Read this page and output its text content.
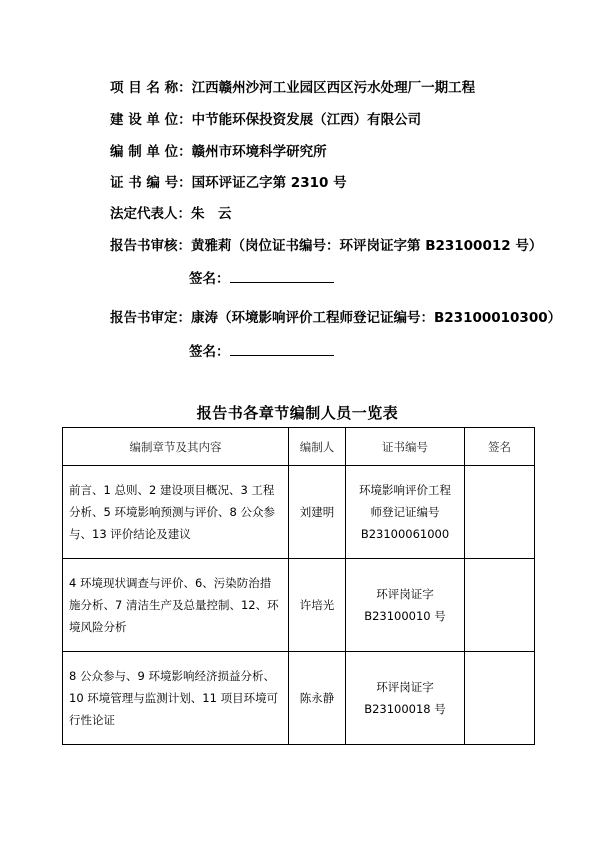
项 目 名 称：江西赣州沙河工业园区西区污水处理厂一期工程
建 设 单 位：中节能环保投资发展（江西）有限公司
编 制 单 位：赣州市环境科学研究所
证 书 编 号：国环评证乙字第 2310 号
法定代表人：朱　云
报告书审核：黄雅莉（岗位证书编号：环评岗证字第 B23100012 号）
签名：
报告书审定：康涛（环境影响评价工程师登记证编号：B23100010300）
签名：
报告书各章节编制人员一览表
编制章节及其内容	编制人	证书编号	签名
前言、1 总则、2 建设项目概况、3 工程分析、5 环境影响预测与评价、8 公众参与、13 评价结论及建议	刘建明	环境影响评价工程
师登记证编号
B23100061000	

4 环境现状调查与评价、6、污染防治措施分析、7 清洁生产及总量控制、12、环境风险分析	许培光	环评岗证字
B23100010 号	

8 公众参与、9 环境影响经济损益分析、10 环境管理与监测计划、11 项目环境可行性论证	陈永静	环评岗证字
B23100018 号	
